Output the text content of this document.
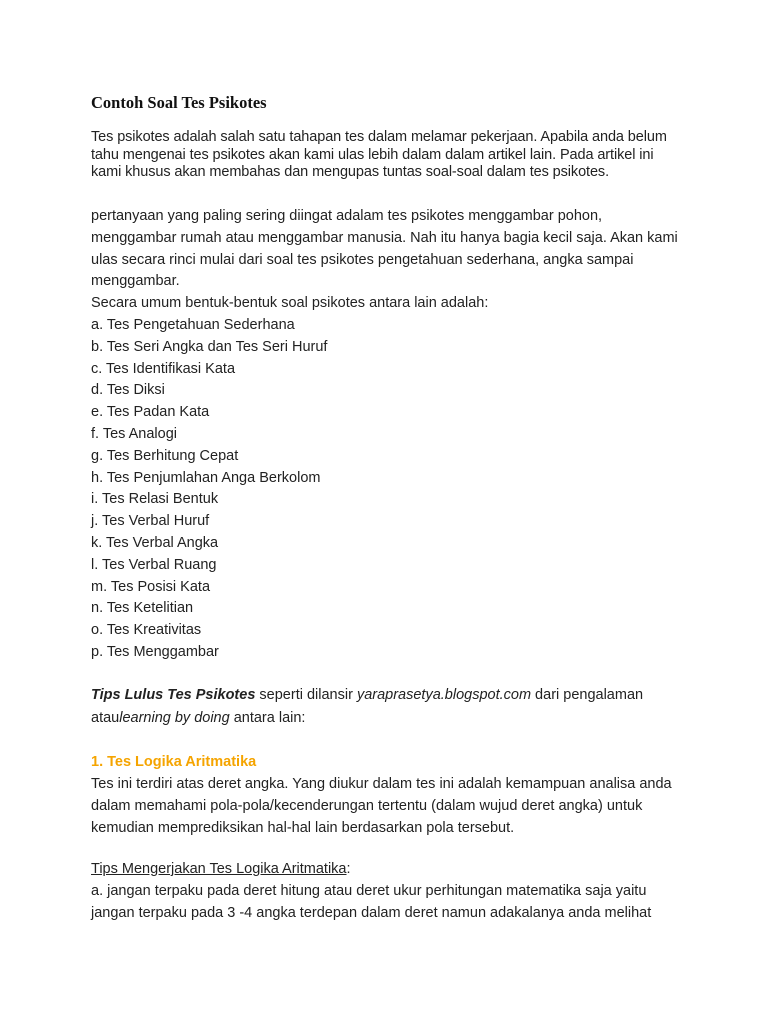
Contoh Soal Tes Psikotes
Tes psikotes adalah salah satu tahapan tes dalam melamar pekerjaan. Apabila anda belum
tahu mengenai tes psikotes akan kami ulas lebih dalam dalam artikel lain. Pada artikel ini
kami khusus akan membahas dan mengupas tuntas soal-soal dalam tes psikotes.
pertanyaan yang paling sering diingat adalam tes psikotes menggambar pohon,
menggambar rumah atau menggambar manusia. Nah itu hanya bagia kecil saja. Akan kami
ulas secara rinci mulai dari soal tes psikotes pengetahuan sederhana, angka sampai
menggambar.
Secara umum bentuk-bentuk soal psikotes antara lain adalah:
a. Tes Pengetahuan Sederhana
b. Tes Seri Angka dan Tes Seri Huruf
c. Tes Identifikasi Kata
d. Tes Diksi
e. Tes Padan Kata
f. Tes Analogi
g. Tes Berhitung Cepat
h. Tes Penjumlahan Anga Berkolom
i. Tes Relasi Bentuk
j. Tes Verbal Huruf
k. Tes Verbal Angka
l. Tes Verbal Ruang
m. Tes Posisi Kata
n. Tes Ketelitian
o. Tes Kreativitas
p. Tes Menggambar
Tips Lulus Tes Psikotes seperti dilansir yaraprasetya.blogspot.com dari pengalaman
ataulearning by doing antara lain:
1. Tes Logika Aritmatika
Tes ini terdiri atas deret angka. Yang diukur dalam tes ini adalah kemampuan analisa anda
dalam memahami pola-pola/kecenderungan tertentu (dalam wujud deret angka) untuk
kemudian memprediksikan hal-hal lain berdasarkan pola tersebut.
Tips Mengerjakan Tes Logika Aritmatika:
a. jangan terpaku pada deret hitung atau deret ukur perhitungan matematika saja yaitu
jangan terpaku pada 3 -4 angka terdepan dalam deret namun adakalanya anda melihat
